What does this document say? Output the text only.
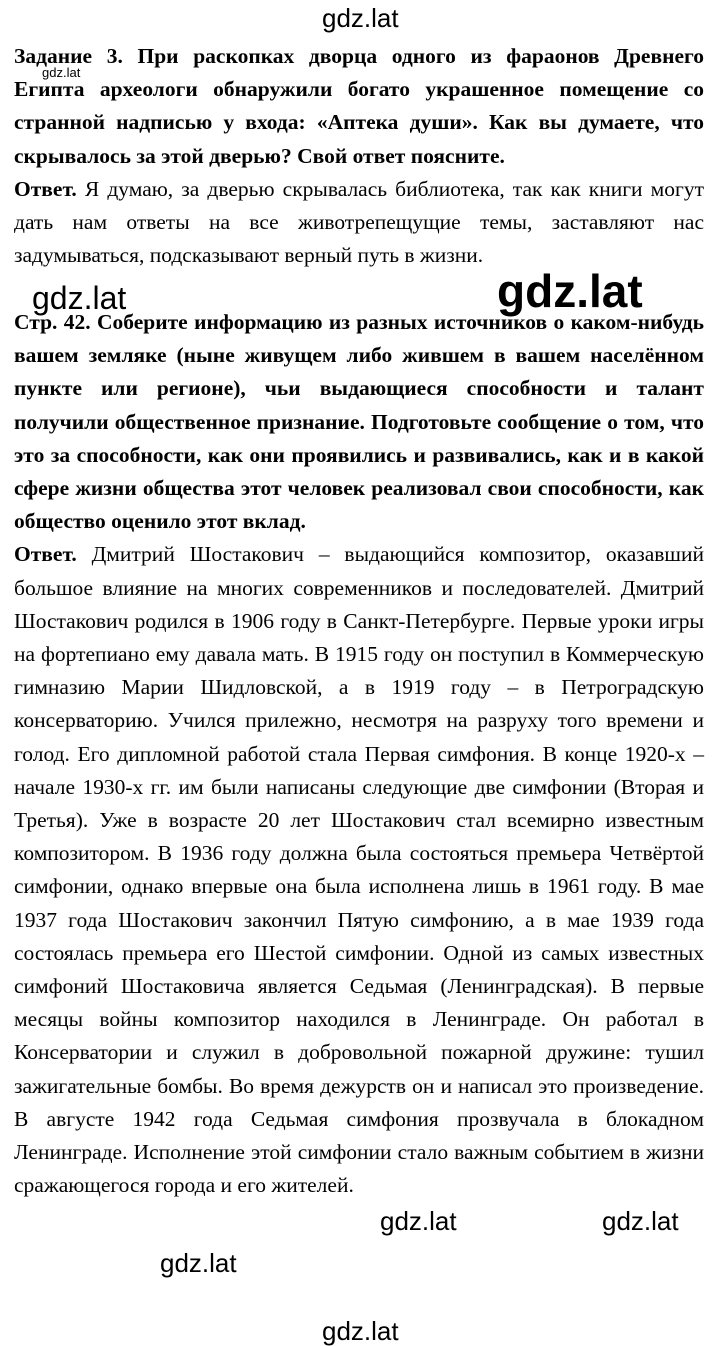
gdz.lat
Задание 3. При раскопках дворца одного из фараонов Древнего Египта археологи обнаружили богато украшенное помещение со странной надписью у входа: «Аптека души». Как вы думаете, что скрывалось за этой дверью? Свой ответ поясните.
Ответ. Я думаю, за дверью скрывалась библиотека, так как книги могут дать нам ответы на все животрепещущие темы, заставляют нас задумываться, подсказывают верный путь в жизни.
gdz.lat
gdz.lat	gdz.lat
Стр. 42. Соберите информацию из разных источников о каком-нибудь вашем земляке (ныне живущем либо жившем в вашем населённом пункте или регионе), чьи выдающиеся способности и талант получили общественное признание. Подготовьте сообщение о том, что это за способности, как они проявились и развивались, как и в какой сфере жизни общества этот человек реализовал свои способности, как общество оценило этот вклад.
Ответ. Дмитрий Шостакович – выдающийся композитор, оказавший большое влияние на многих современников и последователей. Дмитрий Шостакович родился в 1906 году в Санкт-Петербурге. Первые уроки игры на фортепиано ему давала мать. В 1915 году он поступил в Коммерческую гимназию Марии Шидловской, а в 1919 году – в Петроградскую консерваторию. Учился прилежно, несмотря на разруху того времени и голод. Его дипломной работой стала Первая симфония. В конце 1920-х – начале 1930-х гг. им были написаны следующие две симфонии (Вторая и Третья). Уже в возрасте 20 лет Шостакович стал всемирно известным композитором. В 1936 году должна была состояться премьера Четвёртой симфонии, однако впервые она была исполнена лишь в 1961 году. В мае 1937 года Шостакович закончил Пятую симфонию, а в мае 1939 года состоялась премьера его Шестой симфонии. Одной из самых известных симфоний Шостаковича является Седьмая (Ленинградская). В первые месяцы войны композитор находился в Ленинграде. Он работал в Консерватории и служил в добровольной пожарной дружине: тушил зажигательные бомбы. Во время дежурств он и написал это произведение. В августе 1942 года Седьмая симфония прозвучала в блокадном Ленинграде. Исполнение этой симфонии стало важным событием в жизни сражающегося города и его жителей.
gdz.lat	gdz.lat
gdz.lat
gdz.lat
